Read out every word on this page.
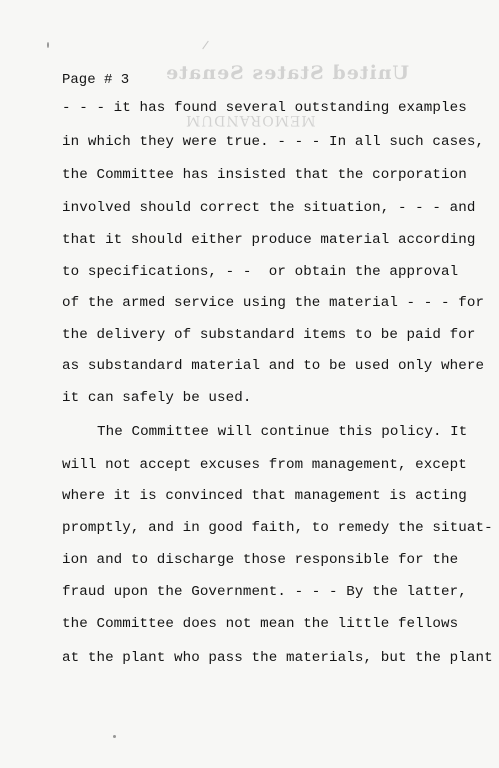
United States Senate
MEMORANDUM
Page # 3
- - - it has found several outstanding examples
in which they were true. - - - In all such cases,
the Committee has insisted that the corporation
involved should correct the situation, - - - and
that it should either produce material according
to specifications, - -  or obtain the approval
of the armed service using the material - - - for
the delivery of substandard items to be paid for
as substandard material and to be used only where
it can safely be used.
The Committee will continue this policy. It
will not accept excuses from management, except
where it is convinced that management is acting
promptly, and in good faith, to remedy the situat-
ion and to discharge those responsible for the
fraud upon the Government. - - - By the latter,
the Committee does not mean the little fellows
at the plant who pass the materials, but the plant
